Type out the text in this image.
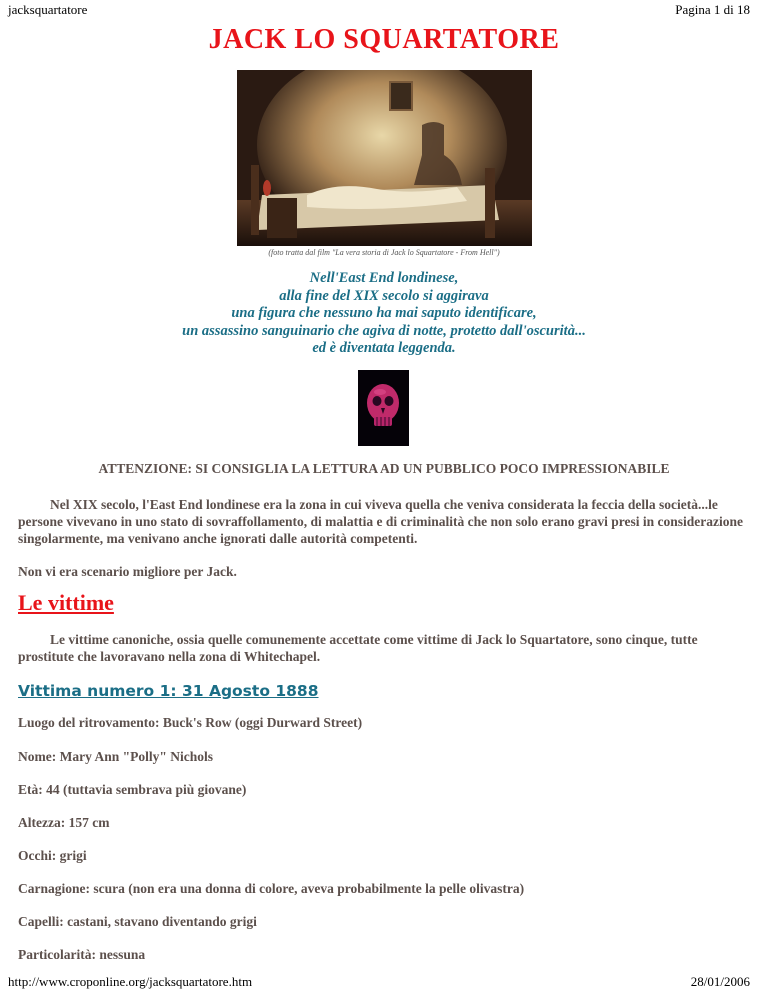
jacksquartatore	Pagina 1 di 18
JACK LO SQUARTATORE
(foto tratta dal film "La vera storia di Jack lo Squartatore - From Hell")
Nell'East End londinese,
alla fine del XIX secolo si aggirava
una figura che nessuno ha mai saputo identificare,
un assassino sanguinario che agiva di notte, protetto dall'oscurità...
ed è diventata leggenda.
ATTENZIONE: SI CONSIGLIA LA LETTURA AD UN PUBBLICO POCO IMPRESSIONABILE
Nel XIX secolo, l'East End londinese era la zona in cui viveva quella che veniva considerata la feccia della società...le persone vivevano in uno stato di sovraffollamento, di malattia e di criminalità che non solo erano gravi presi in considerazione singolarmente, ma venivano anche ignorati dalle autorità competenti.
Non vi era scenario migliore per Jack.
Le vittime
Le vittime canoniche, ossia quelle comunemente accettate come vittime di Jack lo Squartatore, sono cinque, tutte prostitute che lavoravano nella zona di Whitechapel.
Vittima numero 1: 31 Agosto 1888
Luogo del ritrovamento: Buck's Row (oggi Durward Street)
Nome: Mary Ann "Polly" Nichols
Età: 44 (tuttavia sembrava più giovane)
Altezza: 157 cm
Occhi: grigi
Carnagione: scura (non era una donna di colore, aveva probabilmente la pelle olivastra)
Capelli: castani, stavano diventando grigi
Particolarità: nessuna
http://www.croponline.org/jacksquartatore.htm	28/01/2006
